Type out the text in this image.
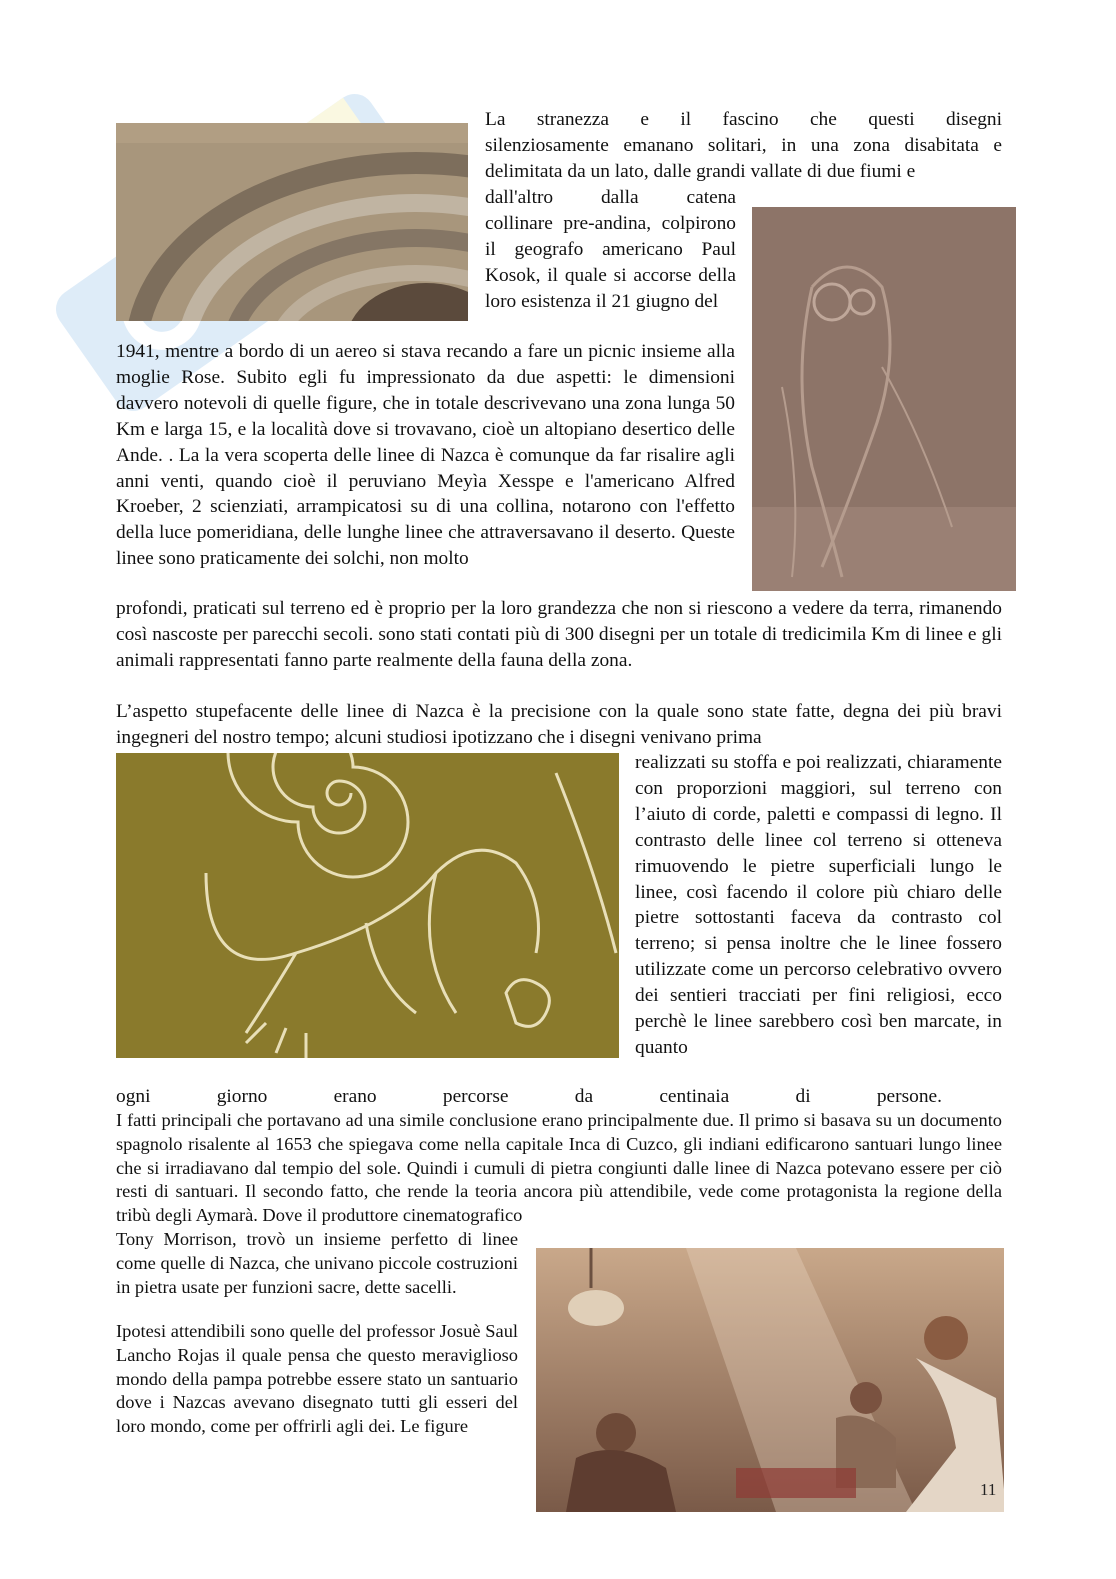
La stranezza e il fascino che questi disegni

silenziosamente emanano solitari, in una zona disabitata e delimitata da un lato, dalle grandi vallate di due fiumi e

dall'altro dalla catena

collinare pre-andina, colpirono il geografo americano Paul Kosok, il quale si accorse della loro esistenza il 21 giugno del

1941, mentre a bordo di un aereo si stava recando a fare un picnic insieme alla moglie Rose. Subito egli fu impressionato da due aspetti: le dimensioni davvero notevoli di quelle figure, che in totale descrivevano una zona lunga 50 Km e larga 15, e la località dove si trovavano, cioè un altopiano desertico delle Ande. . La la vera scoperta delle linee di Nazca è comunque da far risalire agli anni venti, quando cioè il peruviano Meyìa Xesspe e l'americano Alfred Kroeber, 2 scienziati, arrampicatosi su di una collina, notarono con l'effetto della luce pomeridiana, delle lunghe linee che attraversavano il deserto. Queste linee sono praticamente dei solchi, non molto

profondi, praticati sul terreno ed è proprio per la loro grandezza che non si riescono a vedere da terra, rimanendo così nascoste per parecchi secoli. sono stati contati più di 300 disegni per un totale di tredicimila Km di linee e gli animali rappresentati fanno parte realmente della fauna della zona.

L’aspetto stupefacente delle linee di Nazca è la precisione con la quale sono state fatte, degna dei più bravi ingegneri del nostro tempo; alcuni studiosi ipotizzano che i disegni venivano prima

realizzati su stoffa e poi realizzati, chiaramente con proporzioni maggiori, sul terreno con l’aiuto di corde, paletti e compassi di legno. Il contrasto delle linee col terreno si otteneva rimuovendo le pietre superficiali lungo le linee, così facendo il colore più chiaro delle pietre sottostanti faceva da contrasto col terreno; si pensa inoltre che le linee fossero utilizzate come un percorso celebrativo ovvero dei sentieri tracciati per fini religiosi, ecco perchè le linee sarebbero così ben marcate, in quanto

ogni giorno erano percorse da centinaia di persone.

I fatti principali che portavano ad una simile conclusione erano principalmente due. Il primo si basava su un documento spagnolo risalente al 1653 che spiegava come nella capitale Inca di Cuzco, gli indiani edificarono santuari lungo linee che si irradiavano dal tempio del sole. Quindi i cumuli di pietra congiunti dalle linee di Nazca potevano essere per ciò resti di santuari. Il secondo fatto, che rende la teoria ancora più attendibile, vede come protagonista la regione della tribù degli Aymarà. Dove il produttore cinematografico

Tony Morrison, trovò un insieme perfetto di linee come quelle di Nazca, che univano piccole costruzioni in pietra usate per funzioni sacre, dette sacelli.

Ipotesi attendibili sono quelle del professor Josuè Saul Lancho Rojas il quale pensa che questo meraviglioso mondo della pampa potrebbe essere stato un santuario dove i Nazcas avevano disegnato tutti gli esseri del loro mondo, come per offrirli agli dei. Le figure

11
